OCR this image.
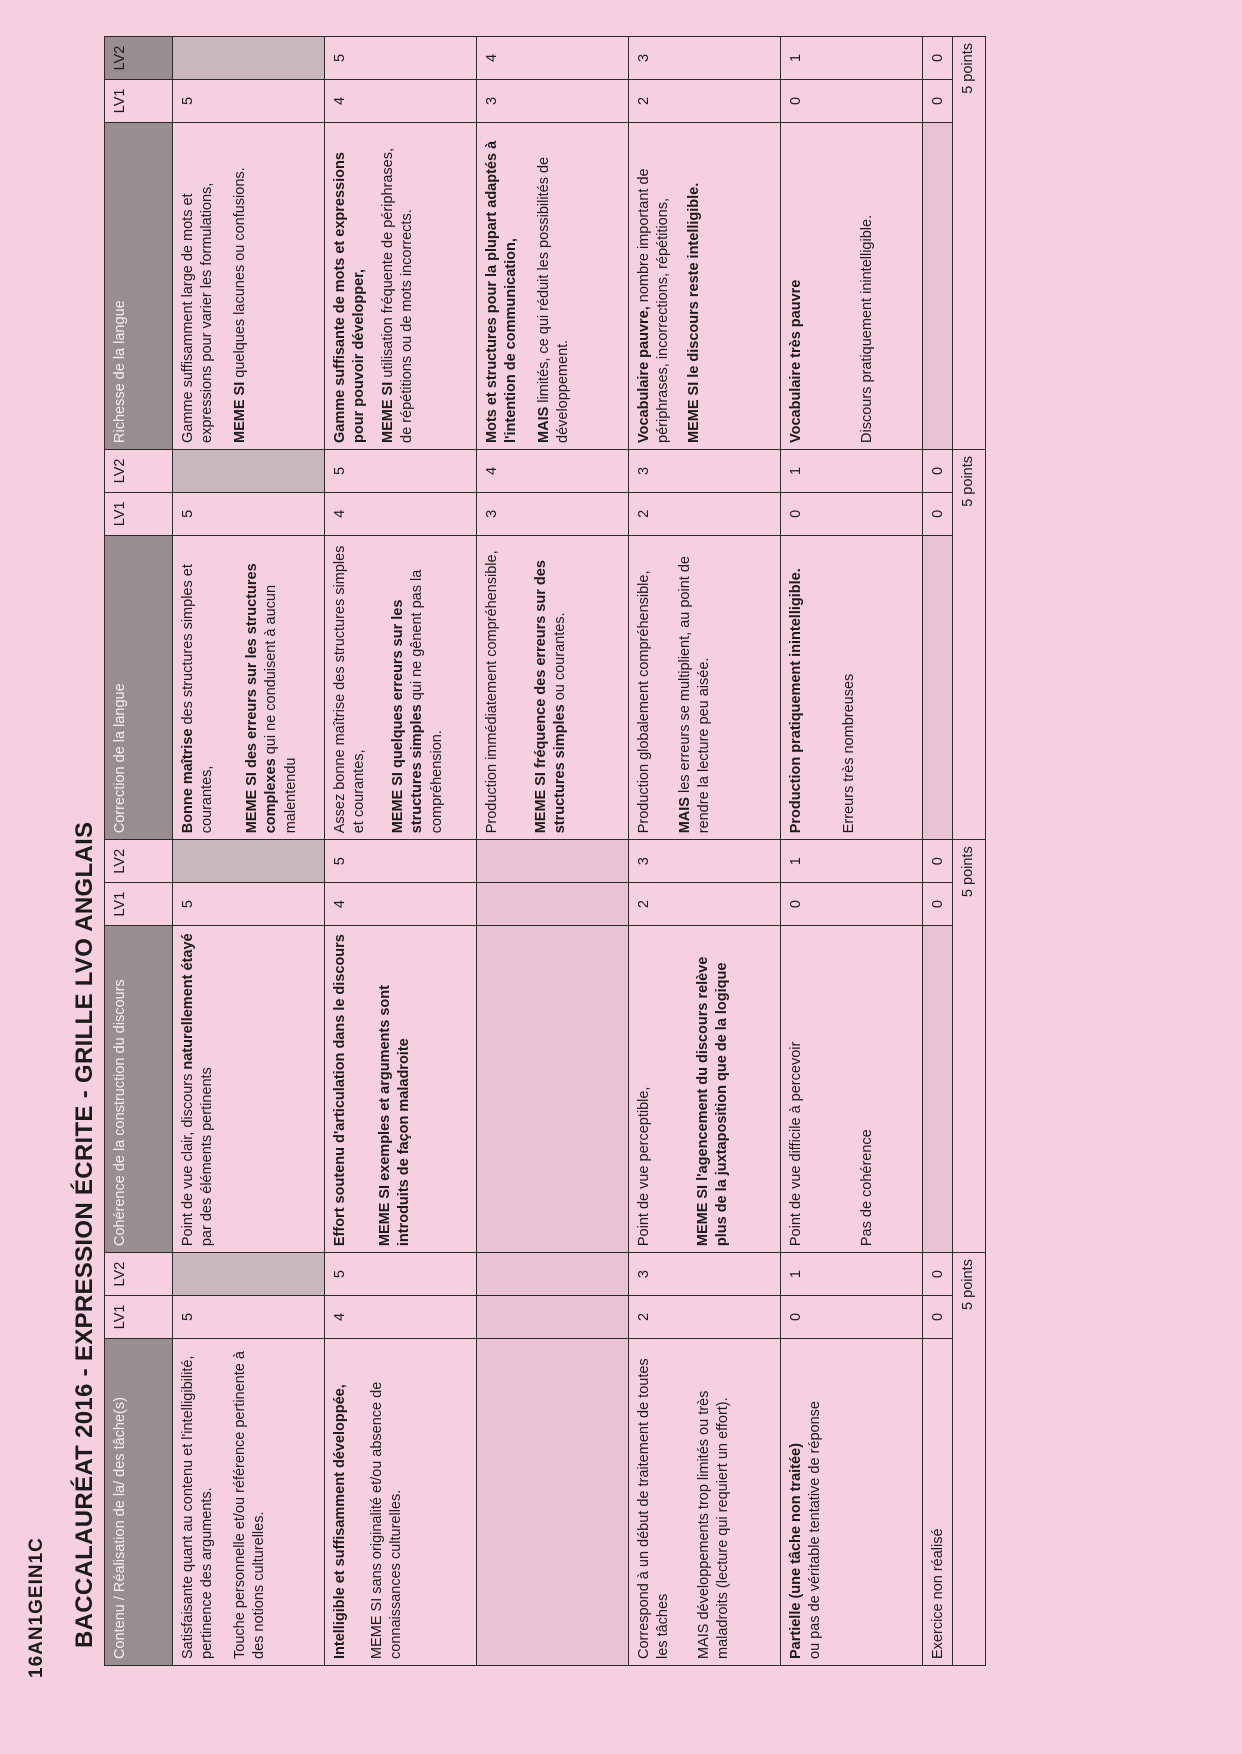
BACCALAURÉAT 2016 - EXPRESSION ÉCRITE - GRILLE LVO ANGLAIS Contenu / Réalisation de la/ des tâche(s)	LV1	LV2	Cohérence de la construction du discours	LV1	LV2	Correction de la langue	LV1	LV2	Richesse de la langue	LV1	LV2

Satisfaisante quant au contenu et l'intelligibilité, pertinence des arguments. Touche personnelle et/ou référence pertinente à des notions culturelles.	5		Point de vue clair, discours naturellement étayé par des éléments pertinents	5		Bonne maîtrise des structures simples et courantes, MEME SI des erreurs sur les structures complexes qui ne conduisent à aucun malentendu	5		Gamme suffisamment large de mots et expressions pour varier les formulations, MEME SI quelques lacunes ou confusions.	5	

Intelligible et suffisamment développée, MEME SI sans originalité et/ou absence de connaissances culturelles.	4	5	Effort soutenu d'articulation dans le discours MEME SI exemples et arguments sont introduits de façon maladroite	4	5	Assez bonne maîtrise des structures simples et courantes, MEME SI quelques erreurs sur les structures simples qui ne gênent pas la compréhension.	4	5	Gamme suffisante de mots et expressions pour pouvoir développer, MEME SI utilisation fréquente de périphrases, de répétitions ou de mots incorrects.	4	5

						Production immédiatement compréhensible, MEME SI fréquence des erreurs sur des structures simples ou courantes.	3	4	Mots et structures pour la plupart adaptés à l'intention de communication, MAIS limités, ce qui réduit les possibilités de développement.	3	4

Correspond à un début de traitement de toutes les tâches MAIS développements trop limités ou très maladroits (lecture qui requiert un effort).	2	3	Point de vue perceptible, MEME SI l'agencement du discours relève plus de la juxtaposition que de la logique	2	3	Production globalement compréhensible, MAIS les erreurs se multiplient, au point de rendre la lecture peu aisée.	2	3	Vocabulaire pauvre, nombre important de périphrases, incorrections, répétitions, MEME SI le discours reste intelligible.	2	3

Partielle (une tâche non traitée) ou pas de véritable tentative de réponse	0	1	Point de vue difficile à percevoir Pas de cohérence	0	1	Production pratiquement inintelligible. Erreurs très nombreuses	0	1	Vocabulaire très pauvre Discours pratiquement inintelligible.	0	1
Exercice non réalisé	0	0		0	0		0	0		0	0
5 points			5 points			5 points			5 points		
16AN1GEIN1C
